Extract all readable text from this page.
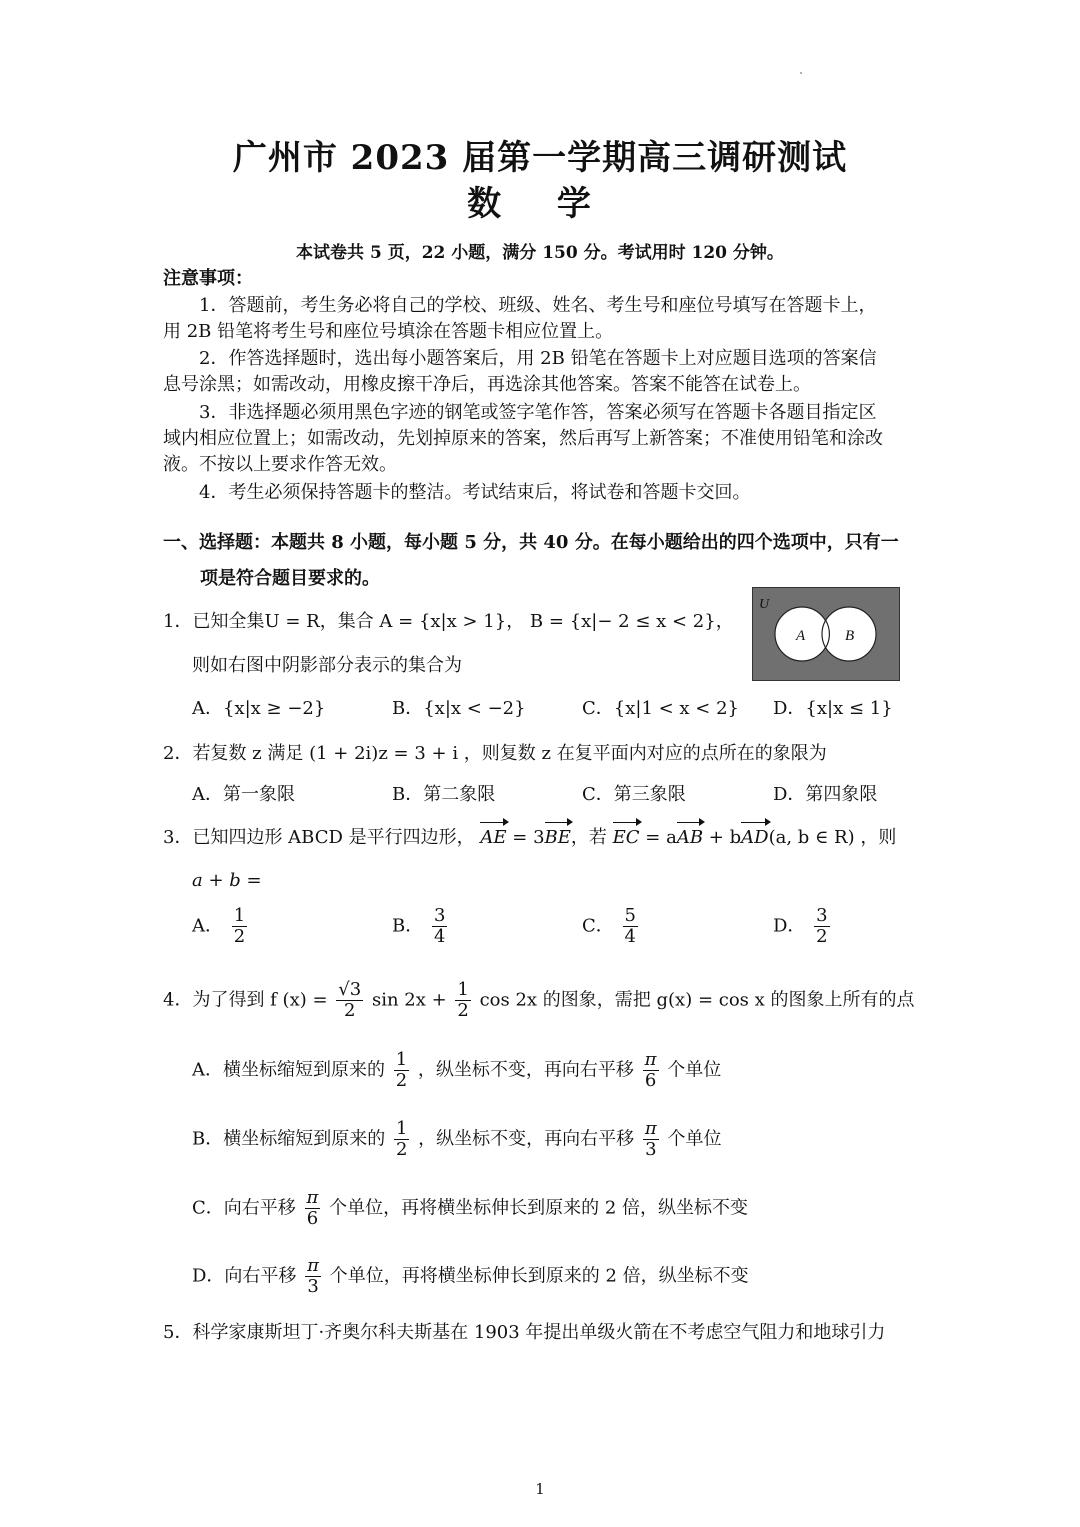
广州市 2023 届第一学期高三调研测试
数 学
本试卷共 5 页，22 小题，满分 150 分。考试用时 120 分钟。
注意事项：
1．答题前，考生务必将自己的学校、班级、姓名、考生号和座位号填写在答题卡上，
用 2B 铅笔将考生号和座位号填涂在答题卡相应位置上。
2．作答选择题时，选出每小题答案后，用 2B 铅笔在答题卡上对应题目选项的答案信
息号涂黑；如需改动，用橡皮擦干净后，再选涂其他答案。答案不能答在试卷上。
3．非选择题必须用黑色字迹的钢笔或签字笔作答，答案必须写在答题卡各题目指定区
域内相应位置上；如需改动，先划掉原来的答案，然后再写上新答案；不准使用铅笔和涂改
液。不按以上要求作答无效。
4．考生必须保持答题卡的整洁。考试结束后，将试卷和答题卡交回。
一、选择题：本题共 8 小题，每小题 5 分，共 40 分。在每小题给出的四个选项中，只有一
项是符合题目要求的。
1．已知全集U = R，集合 A = {x|x > 1}， B = {x|− 2 ≤ x < 2}，
则如右图中阴影部分表示的集合为
U
A	B
A．{x|x ≥ −2}	B．{x|x < −2}	C．{x|1 < x < 2} D．{x|x ≤ 1}
2．若复数 z 满足 (1 + 2i)z = 3 + i ，则复数 z 在复平面内对应的点所在的象限为
A．第一象限	B．第二象限	C．第三象限	D．第四象限
3．已知四边形 ABCD 是平行四边形， AE = 3BE，若 EC = aAB + bAD(a, b ∈ R) ，则
a + b =
A． $\frac{1}{2}$	B． $\frac{3}{4}$	C． $\frac{5}{4}$	D． $\frac{3}{2}$
4．为了得到 f $(x) = \frac{√3}{2}$ $\sin 2x + \frac{1}{2}$ cos 2x 的图象，需把 g(x) = cos x 的图象上所有的点
A．横坐标缩短到原来的 $\frac{1}{2}$ ，纵坐标不变，再向右平移 $\frac{\pi}{6}$ 个单位
B．横坐标缩短到原来的 $\frac{1}{2}$ ，纵坐标不变，再向右平移 $\frac{\pi}{3}$ 个单位
C．向右平移 $\frac{\pi}{6}$ 个单位，再将横坐标伸长到原来的 2 倍，纵坐标不变
D．向右平移 $\frac{\pi}{3}$ 个单位，再将横坐标伸长到原来的 2 倍，纵坐标不变
5．科学家康斯坦丁·齐奥尔科夫斯基在 1903 年提出单级火箭在不考虑空气阻力和地球引力
1
